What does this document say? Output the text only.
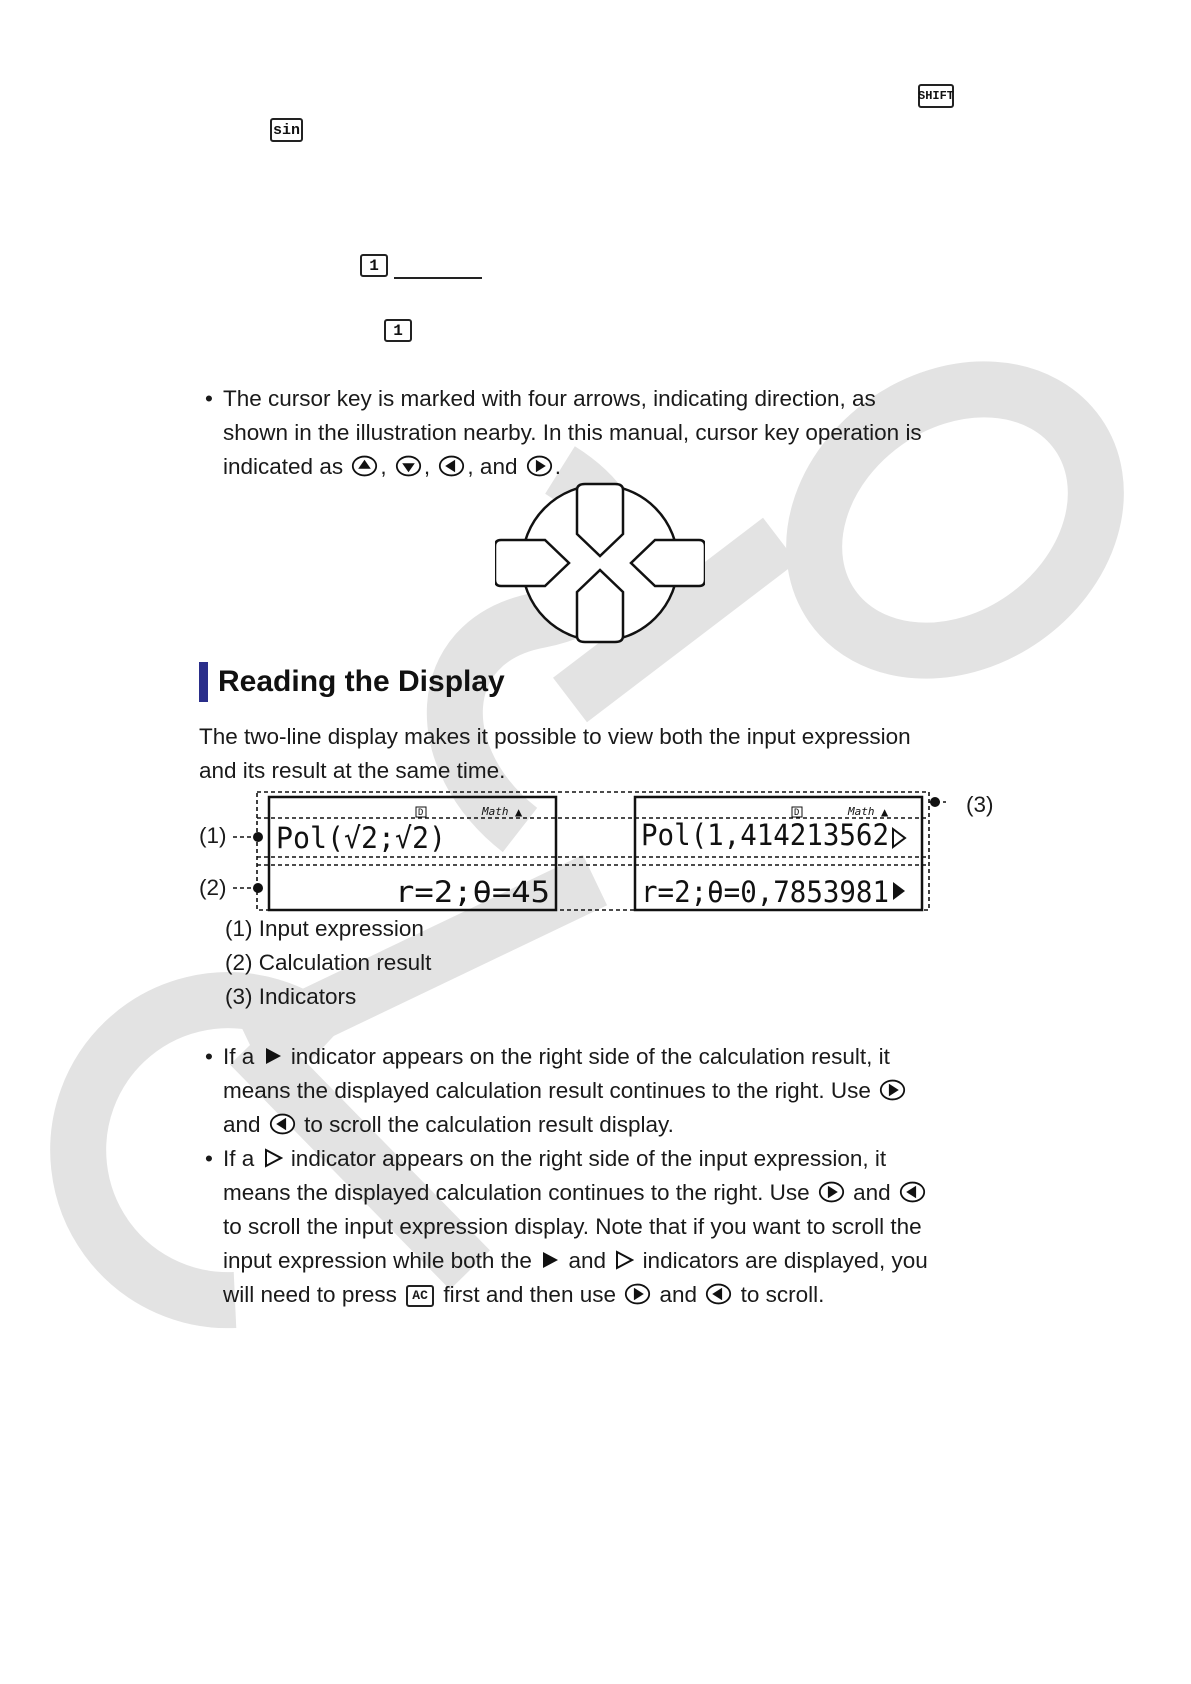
SHIFT
sin
1
1
• The cursor key is marked with four arrows, indicating direction, as
shown in the illustration nearby. In this manual, cursor key operation is
indicated as , , , and .
Reading the Display
The two-line display makes it possible to view both the input expression
and its result at the same time.
(1)
(2)
(3)
D	Math ▲	D	Math ▲
Pol(√2;√2)
r=2;θ=45
Pol(1,414213562
r=2;θ=0,7853981
(1) Input expression
(2) Calculation result
(3) Indicators
• If a indicator appears on the right side of the calculation result, it
means the displayed calculation result continues to the right. Use
and to scroll the calculation result display.
• If a indicator appears on the right side of the input expression, it
means the displayed calculation continues to the right. Use and
to scroll the input expression display. Note that if you want to scroll the
input expression while both the and indicators are displayed, you
will need to press AC first and then use and to scroll.
